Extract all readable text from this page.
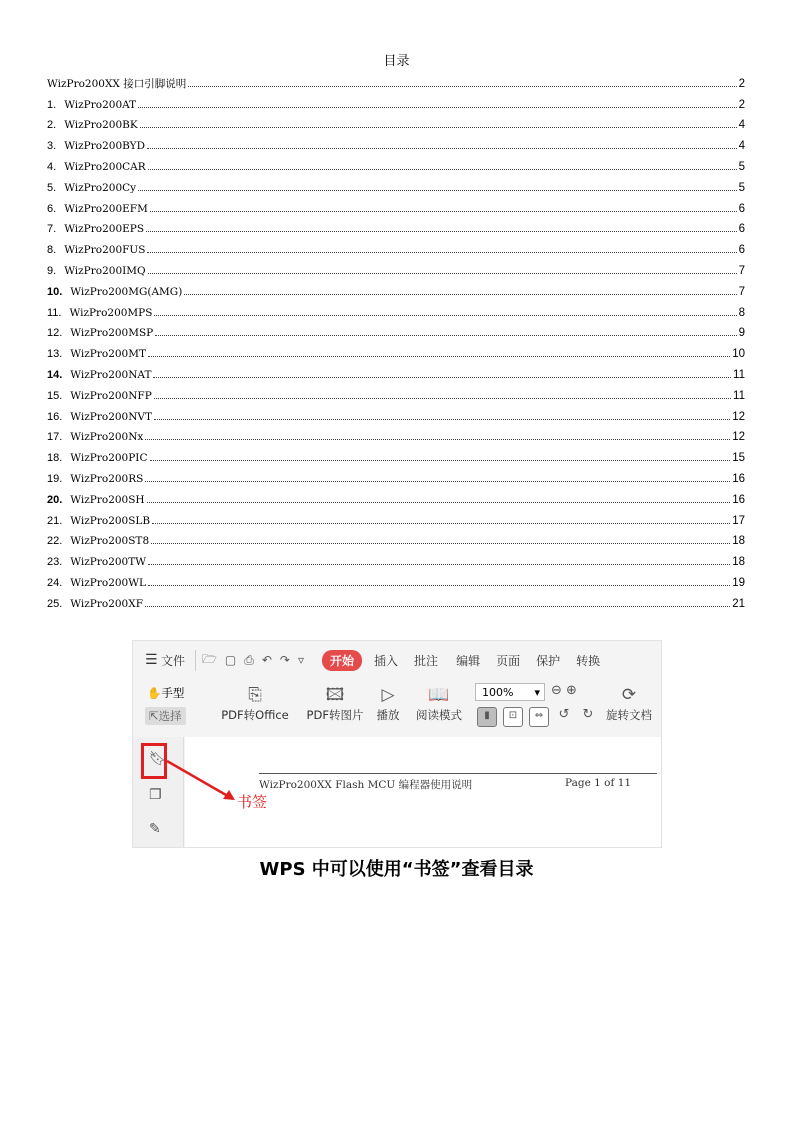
目录
WizPro200XX 接口引脚说明	2
1. WizPro200AT	2
2. WizPro200BK	4
3. WizPro200BYD	4
4. WizPro200CAR	5
5. WizPro200Cy	5
6. WizPro200EFM	6
7. WizPro200EPS	6
8. WizPro200FUS	6
9. WizPro200IMQ	7
10. WizPro200MG(AMG)	7
11. WizPro200MPS	8
12. WizPro200MSP	9
13. WizPro200MT	10
14. WizPro200NAT	11
15. WizPro200NFP	11
16. WizPro200NVT	12
17. WizPro200Nx	12
18. WizPro200PIC	15
19. WizPro200RS	16
20. WizPro200SH	16
21. WizPro200SLB	17
22. WizPro200ST8	18
23. WizPro200TW	18
24. WizPro200WL	19
25. WizPro200XF	21
☰ 文件 🗁 ▢ ⎙ ↶ ↷ ▿	开始	插入 批注 编辑 页面 保护 转换
✋手型
⇱选择
⎘
PDF转Office
🖾
PDF转图片
▷
播放
📖
阅读模式
100% ▾ ⊖ ⊕
▮	⊡	⇔	↺ ↻
⟳
旋转文档
🔖︎
❐
✎
WizPro200XX Flash MCU 编程器使用说明	Page 1 of 11
书签
WPS 中可以使用“书签”查看目录
